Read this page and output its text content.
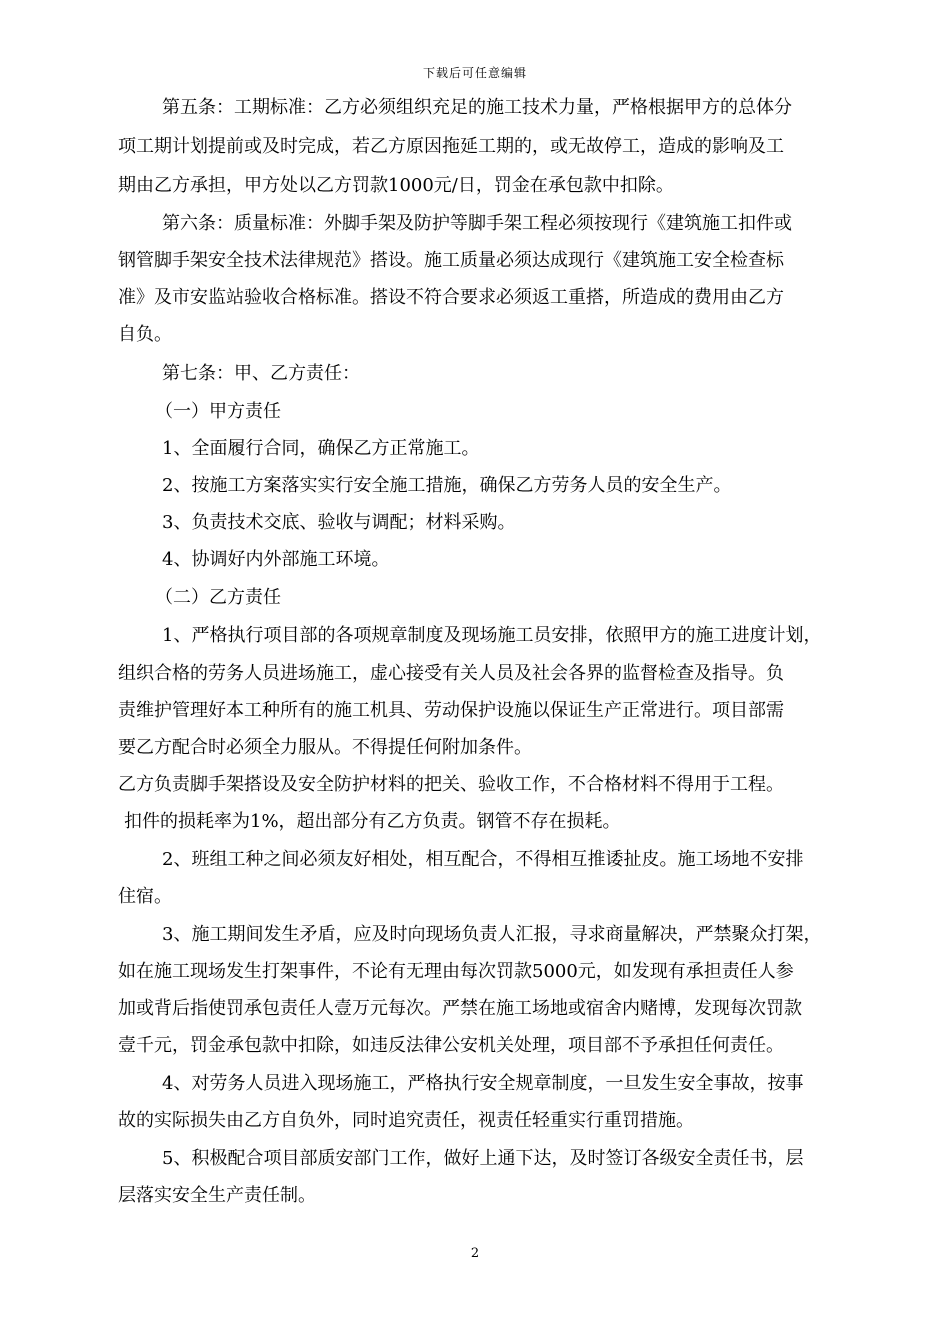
下载后可任意编辑
第五条：工期标准：乙方必须组织充足的施工技术力量，严格根据甲方的总体分
项工期计划提前或及时完成，若乙方原因拖延工期的，或无故停工，造成的影响及工
期由乙方承担，甲方处以乙方罚款1000元/日，罚金在承包款中扣除。
第六条：质量标准：外脚手架及防护等脚手架工程必须按现行《建筑施工扣件或
钢管脚手架安全技术法律规范》搭设。施工质量必须达成现行《建筑施工安全检查标
准》及市安监站验收合格标准。搭设不符合要求必须返工重搭，所造成的费用由乙方
自负。
第七条：甲、乙方责任：
（一）甲方责任
1、全面履行合同，确保乙方正常施工。
2、按施工方案落实实行安全施工措施，确保乙方劳务人员的安全生产。
3、负责技术交底、验收与调配；材料采购。
4、协调好内外部施工环境。
（二）乙方责任
1、严格执行项目部的各项规章制度及现场施工员安排，依照甲方的施工进度计划，
组织合格的劳务人员进场施工，虚心接受有关人员及社会各界的监督检查及指导。负
责维护管理好本工种所有的施工机具、劳动保护设施以保证生产正常进行。项目部需
要乙方配合时必须全力服从。不得提任何附加条件。
乙方负责脚手架搭设及安全防护材料的把关、验收工作，不合格材料不得用于工程。
扣件的损耗率为1%，超出部分有乙方负责。钢管不存在损耗。
2、班组工种之间必须友好相处，相互配合，不得相互推诿扯皮。施工场地不安排
住宿。
3、施工期间发生矛盾，应及时向现场负责人汇报，寻求商量解决，严禁聚众打架，
如在施工现场发生打架事件，不论有无理由每次罚款5000元，如发现有承担责任人参
加或背后指使罚承包责任人壹万元每次。严禁在施工场地或宿舍内赌博，发现每次罚款
壹千元，罚金承包款中扣除，如违反法律公安机关处理，项目部不予承担任何责任。
4、对劳务人员进入现场施工，严格执行安全规章制度，一旦发生安全事故，按事
故的实际损失由乙方自负外，同时追究责任，视责任轻重实行重罚措施。
5、积极配合项目部质安部门工作，做好上通下达，及时签订各级安全责任书，层
层落实安全生产责任制。
2
